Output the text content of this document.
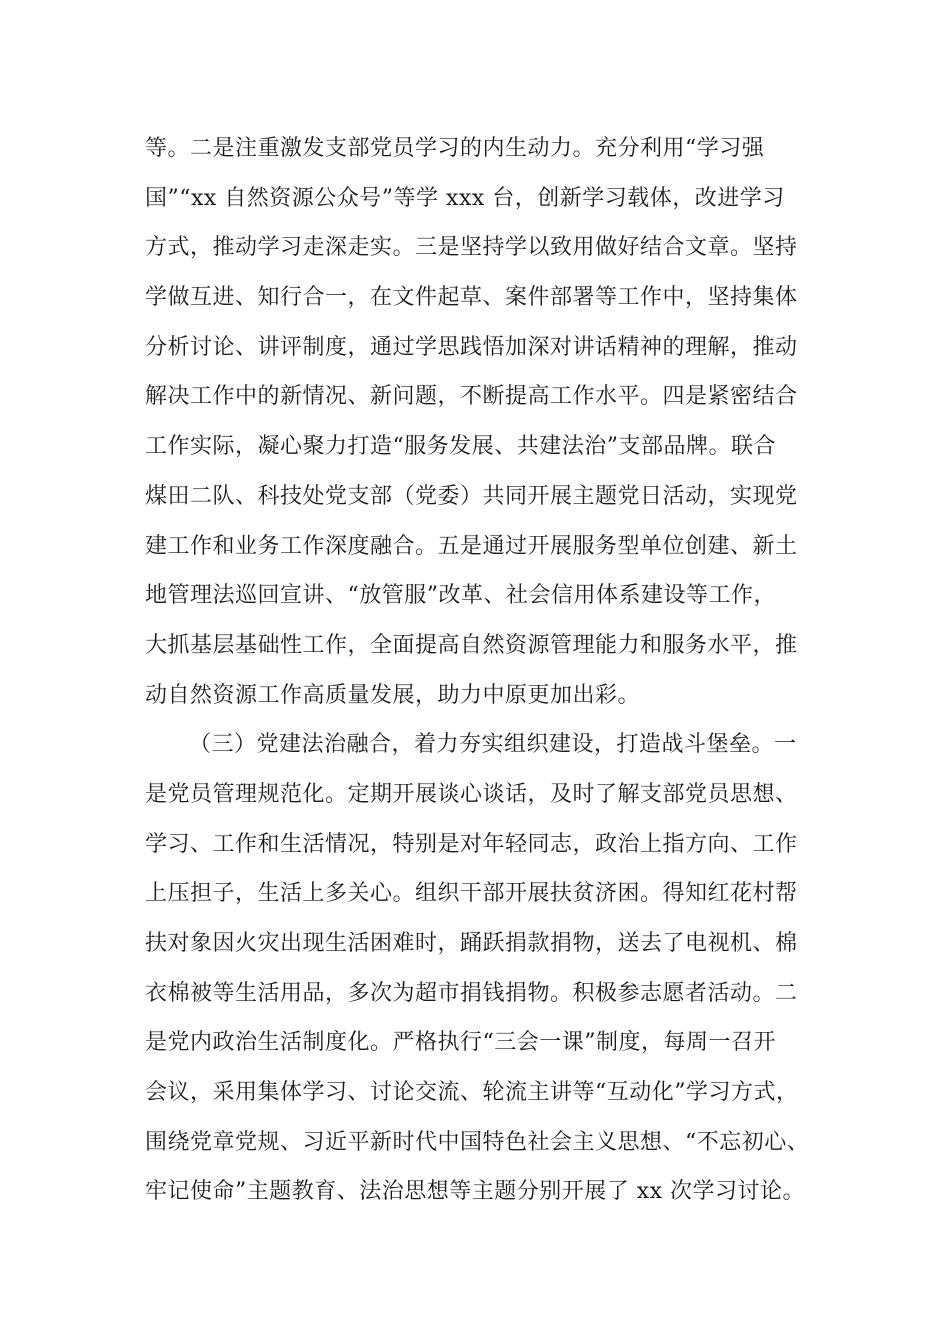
等。二是注重激发支部党员学习的内生动力。充分利用“学习强
国”“xx 自然资源公众号”等学 xxx 台，创新学习载体，改进学习
方式，推动学习走深走实。三是坚持学以致用做好结合文章。坚持
学做互进、知行合一，在文件起草、案件部署等工作中，坚持集体
分析讨论、讲评制度，通过学思践悟加深对讲话精神的理解，推动
解决工作中的新情况、新问题，不断提高工作水平。四是紧密结合
工作实际，凝心聚力打造“服务发展、共建法治”支部品牌。联合
煤田二队、科技处党支部（党委）共同开展主题党日活动，实现党
建工作和业务工作深度融合。五是通过开展服务型单位创建、新土
地管理法巡回宣讲、“放管服”改革、社会信用体系建设等工作，
大抓基层基础性工作，全面提高自然资源管理能力和服务水平，推
动自然资源工作高质量发展，助力中原更加出彩。
（三）党建法治融合，着力夯实组织建设，打造战斗堡垒。一
是党员管理规范化。定期开展谈心谈话，及时了解支部党员思想、
学习、工作和生活情况，特别是对年轻同志，政治上指方向、工作
上压担子，生活上多关心。组织干部开展扶贫济困。得知红花村帮
扶对象因火灾出现生活困难时，踊跃捐款捐物，送去了电视机、棉
衣棉被等生活用品，多次为超市捐钱捐物。积极参志愿者活动。二
是党内政治生活制度化。严格执行“三会一课”制度，每周一召开
会议，采用集体学习、讨论交流、轮流主讲等“互动化”学习方式，
围绕党章党规、习近平新时代中国特色社会主义思想、“不忘初心、
牢记使命”主题教育、法治思想等主题分别开展了 xx 次学习讨论。
